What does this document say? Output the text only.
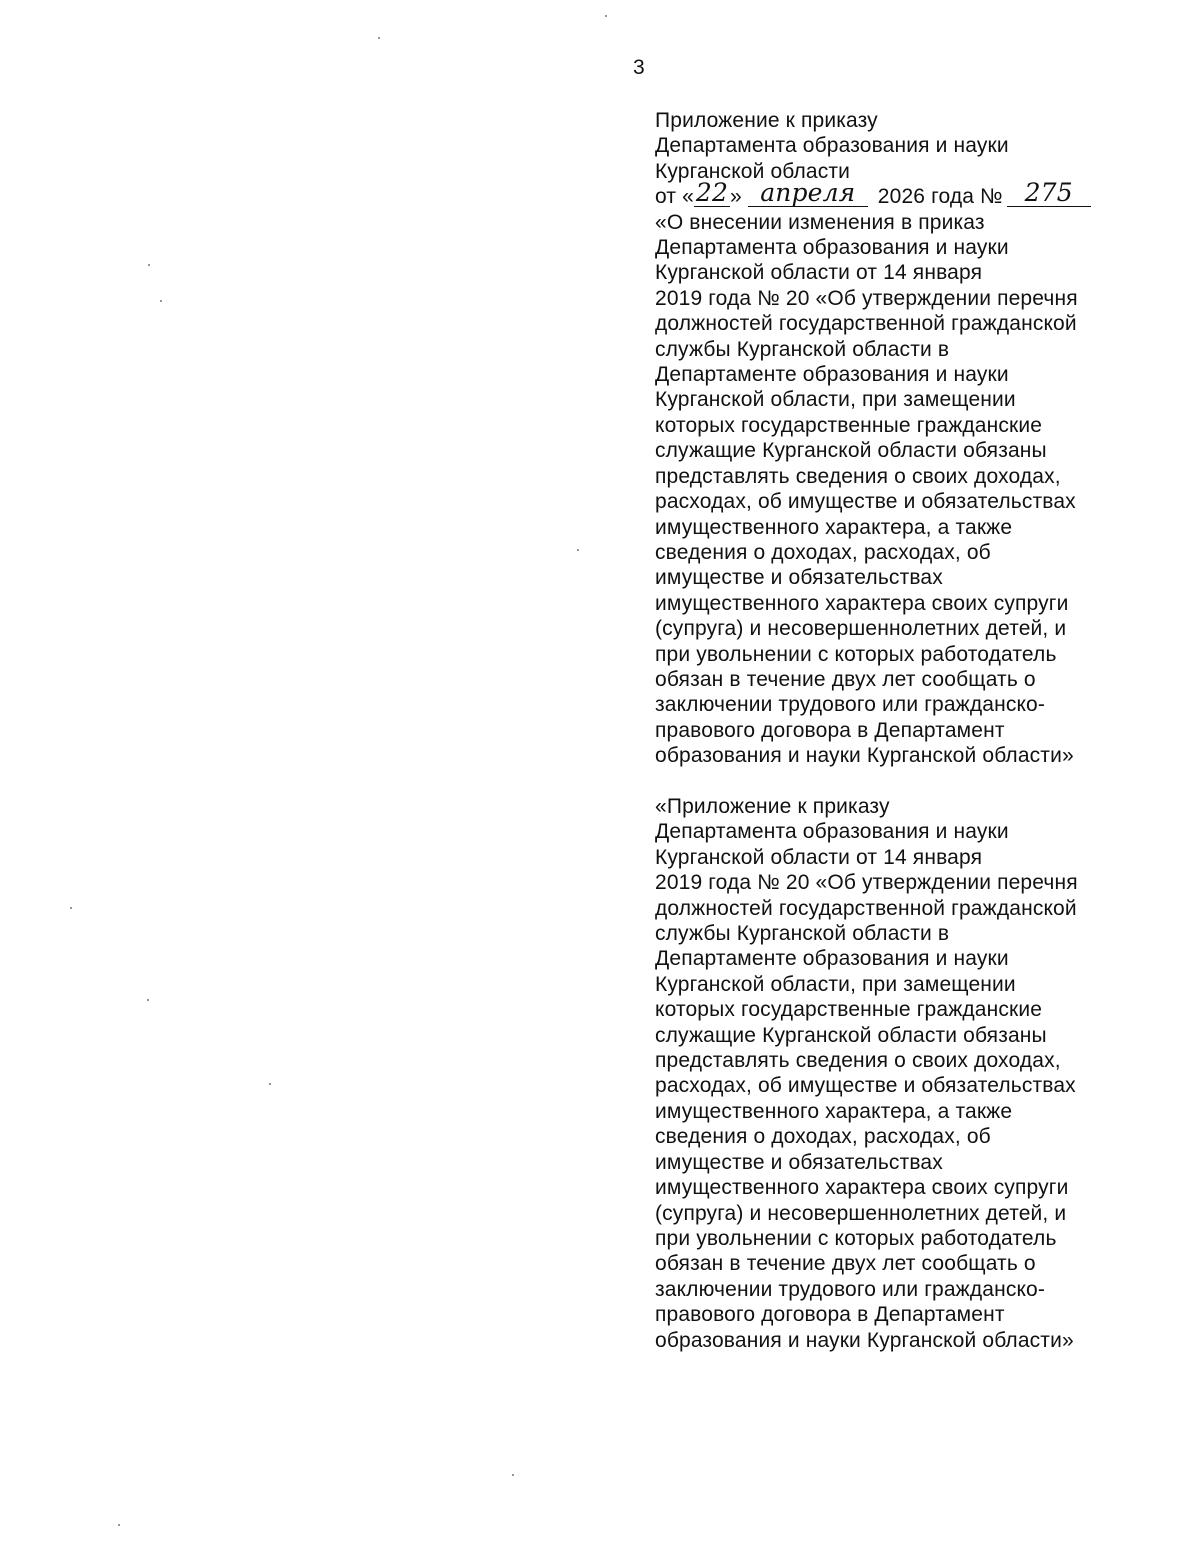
3
Приложение к приказу
Департамента образования и науки
Курганской области
от «22» апреля 2026 года № 275
«О внесении изменения в приказ
Департамента образования и науки
Курганской области от 14 января
2019 года № 20 «Об утверждении перечня
должностей государственной гражданской
службы Курганской области в
Департаменте образования и науки
Курганской области, при замещении
которых государственные гражданские
служащие Курганской области обязаны
представлять сведения о своих доходах,
расходах, об имуществе и обязательствах
имущественного характера, а также
сведения о доходах, расходах, об
имуществе и обязательствах
имущественного характера своих супруги
(супруга) и несовершеннолетних детей, и
при увольнении с которых работодатель
обязан в течение двух лет сообщать о
заключении трудового или гражданско-
правового договора в Департамент
образования и науки Курганской области»
«Приложение к приказу
Департамента образования и науки
Курганской области от 14 января
2019 года № 20 «Об утверждении перечня
должностей государственной гражданской
службы Курганской области в
Департаменте образования и науки
Курганской области, при замещении
которых государственные гражданские
служащие Курганской области обязаны
представлять сведения о своих доходах,
расходах, об имуществе и обязательствах
имущественного характера, а также
сведения о доходах, расходах, об
имуществе и обязательствах
имущественного характера своих супруги
(супруга) и несовершеннолетних детей, и
при увольнении с которых работодатель
обязан в течение двух лет сообщать о
заключении трудового или гражданско-
правового договора в Департамент
образования и науки Курганской области»
